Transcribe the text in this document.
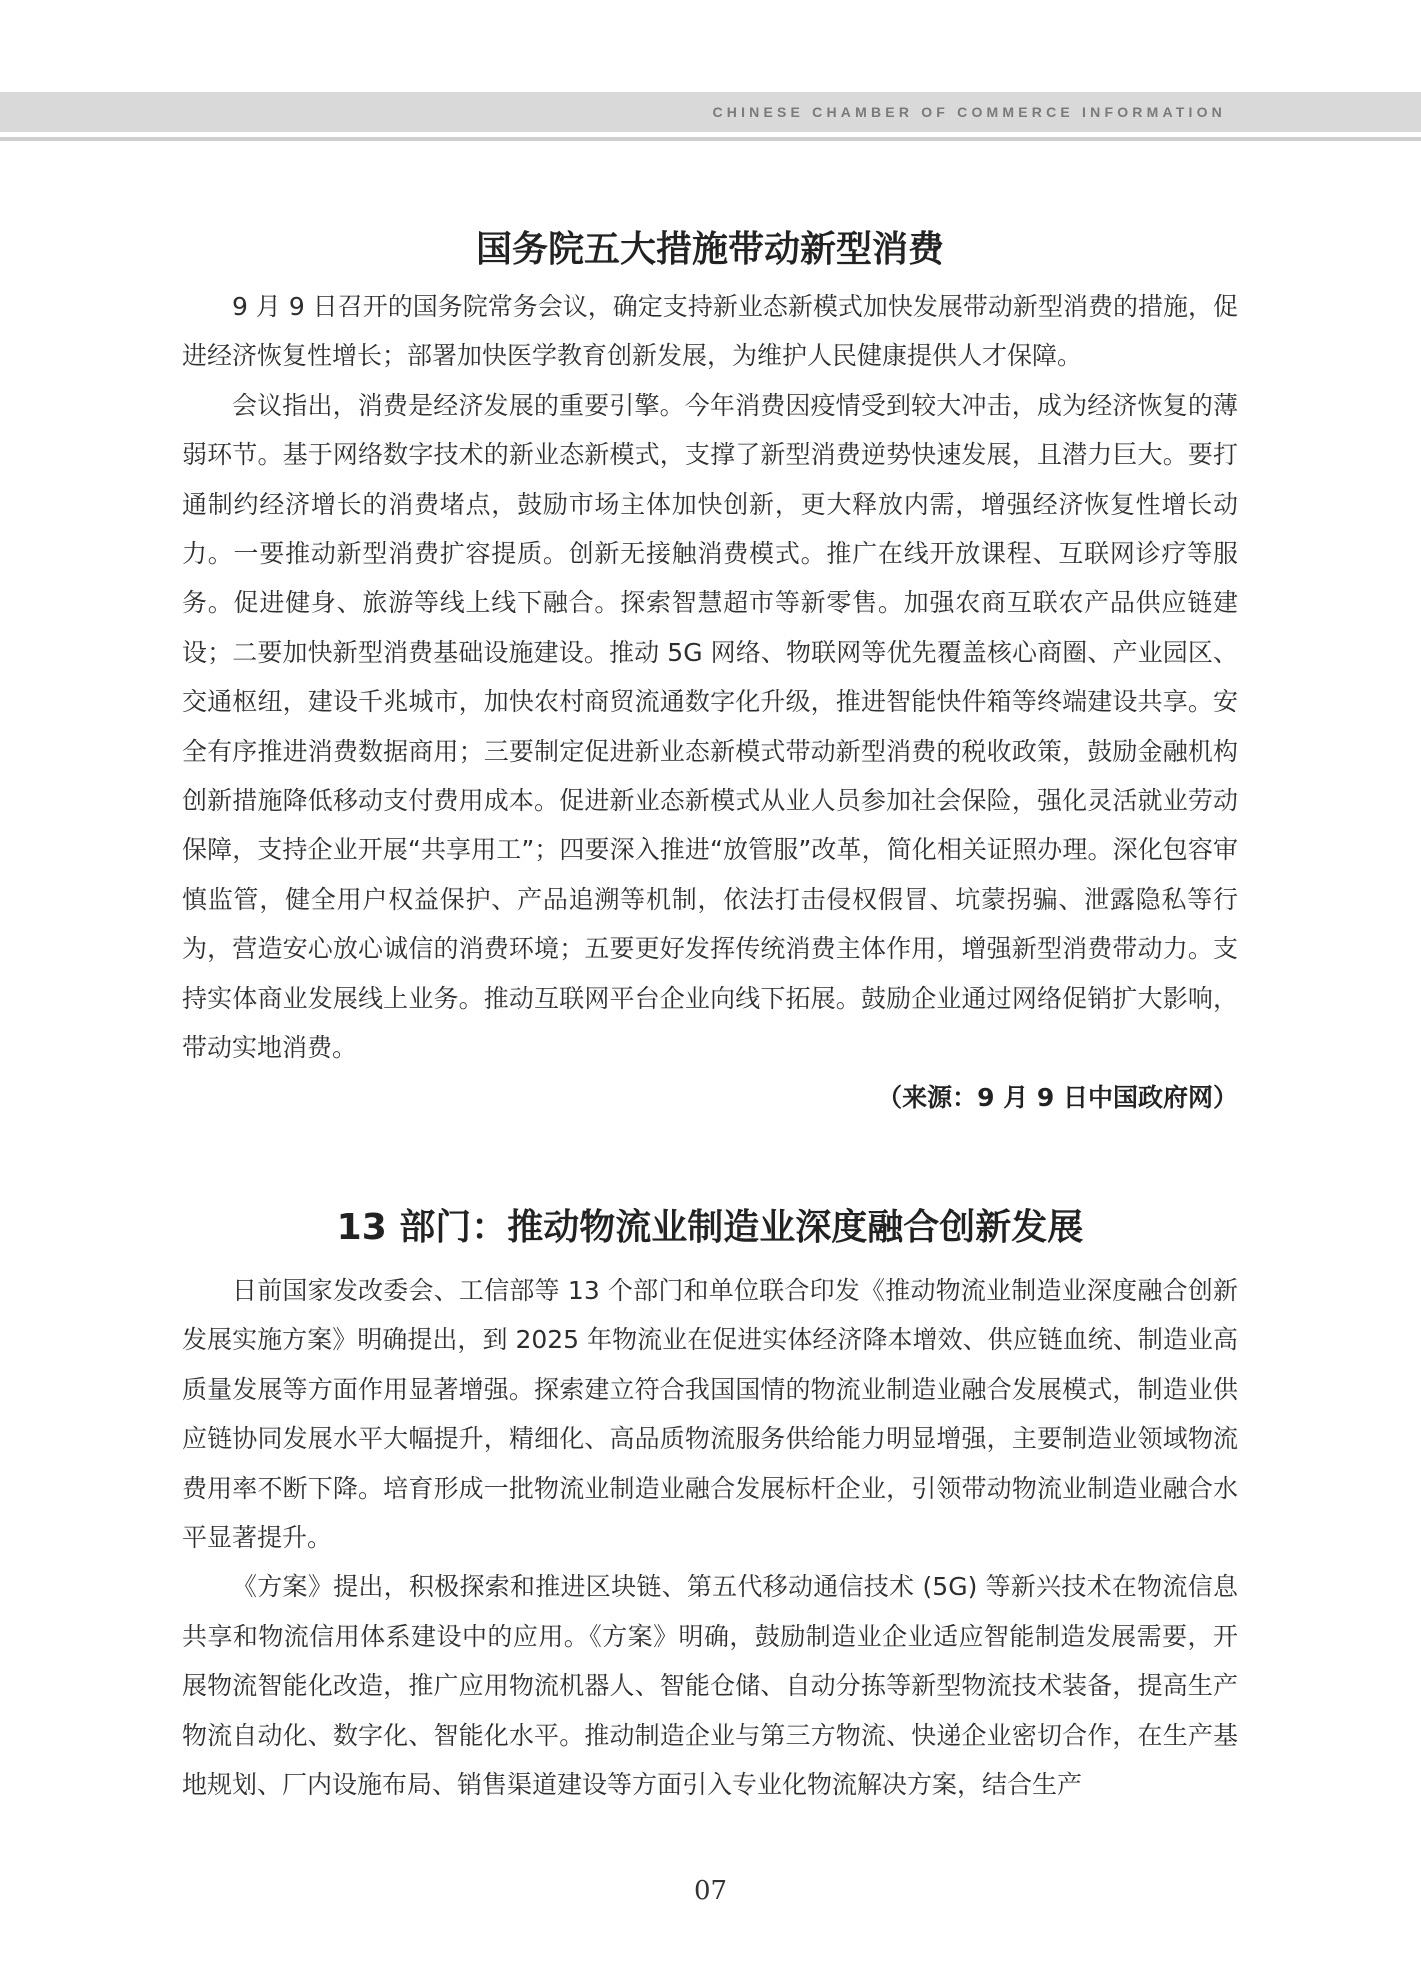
CHINESE CHAMBER OF COMMERCE INFORMATION
国务院五大措施带动新型消费

9 月 9 日召开的国务院常务会议，确定支持新业态新模式加快发展带动新型消费的措施，促进经济恢复性增长；部署加快医学教育创新发展，为维护人民健康提供人才保障。

会议指出，消费是经济发展的重要引擎。今年消费因疫情受到较大冲击，成为经济恢复的薄弱环节。基于网络数字技术的新业态新模式，支撑了新型消费逆势快速发展，且潜力巨大。要打通制约经济增长的消费堵点，鼓励市场主体加快创新，更大释放内需，增强经济恢复性增长动力。一要推动新型消费扩容提质。创新无接触消费模式。推广在线开放课程、互联网诊疗等服务。促进健身、旅游等线上线下融合。探索智慧超市等新零售。加强农商互联农产品供应链建设；二要加快新型消费基础设施建设。推动 5G 网络、物联网等优先覆盖核心商圈、产业园区、交通枢纽，建设千兆城市，加快农村商贸流通数字化升级，推进智能快件箱等终端建设共享。安全有序推进消费数据商用；三要制定促进新业态新模式带动新型消费的税收政策，鼓励金融机构创新措施降低移动支付费用成本。促进新业态新模式从业人员参加社会保险，强化灵活就业劳动保障，支持企业开展“共享用工”；四要深入推进“放管服”改革，简化相关证照办理。深化包容审慎监管，健全用户权益保护、产品追溯等机制，依法打击侵权假冒、坑蒙拐骗、泄露隐私等行为，营造安心放心诚信的消费环境；五要更好发挥传统消费主体作用，增强新型消费带动力。支持实体商业发展线上业务。推动互联网平台企业向线下拓展。鼓励企业通过网络促销扩大影响，带动实地消费。

（来源：9 月 9 日中国政府网）
13 部门：推动物流业制造业深度融合创新发展

日前国家发改委会、工信部等 13 个部门和单位联合印发《推动物流业制造业深度融合创新发展实施方案》明确提出，到 2025 年物流业在促进实体经济降本增效、供应链血统、制造业高质量发展等方面作用显著增强。探索建立符合我国国情的物流业制造业融合发展模式，制造业供应链协同发展水平大幅提升，精细化、高品质物流服务供给能力明显增强，主要制造业领域物流费用率不断下降。培育形成一批物流业制造业融合发展标杆企业，引领带动物流业制造业融合水平显著提升。

《方案》提出，积极探索和推进区块链、第五代移动通信技术 (5G) 等新兴技术在物流信息共享和物流信用体系建设中的应用。《方案》明确，鼓励制造业企业适应智能制造发展需要，开展物流智能化改造，推广应用物流机器人、智能仓储、自动分拣等新型物流技术装备，提高生产物流自动化、数字化、智能化水平。推动制造企业与第三方物流、快递企业密切合作，在生产基地规划、厂内设施布局、销售渠道建设等方面引入专业化物流解决方案，结合生产

07
